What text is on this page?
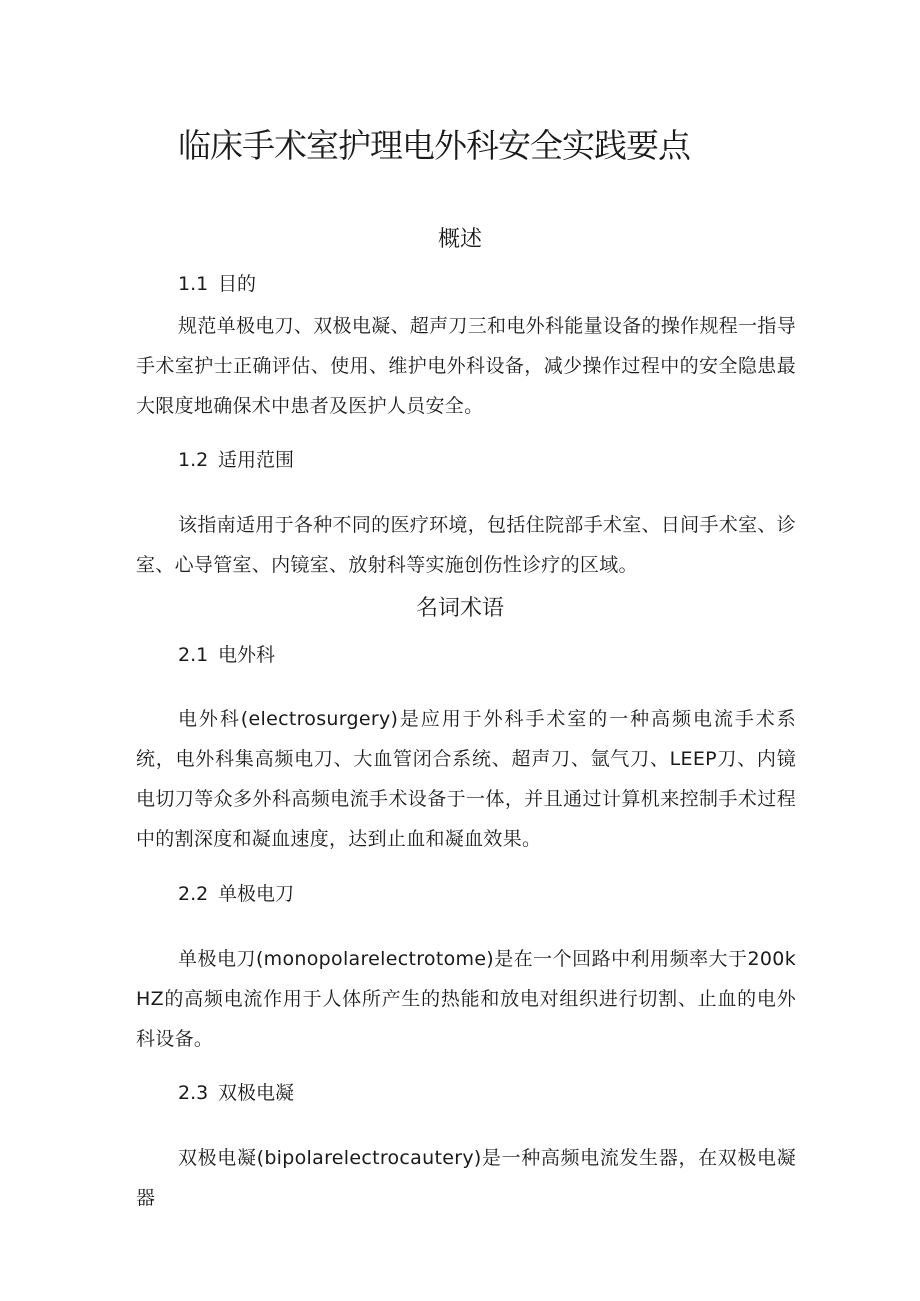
临床手术室护理电外科安全实践要点
概述
1.1 目的

规范单极电刀、双极电凝、超声刀三和电外科能量设备的操作规程一指导手术室护士正确评估、使用、维护电外科设备，减少操作过程中的安全隐患最大限度地确保术中患者及医护人员安全。

1.2 适用范围

该指南适用于各种不同的医疗环境，包括住院部手术室、日间手术室、诊室、心导管室、内镜室、放射科等实施创伤性诊疗的区域。

名词术语
2.1 电外科

电外科(electrosurgery)是应用于外科手术室的一种高频电流手术系统，电外科集高频电刀、大血管闭合系统、超声刀、氩气刀、LEEP刀、内镜电切刀等众多外科高频电流手术设备于一体，并且通过计算机来控制手术过程中的割深度和凝血速度，达到止血和凝血效果。

2.2 单极电刀

单极电刀(monopolarelectrotome)是在一个回路中利用频率大于200kHZ的高频电流作用于人体所产生的热能和放电对组织进行切割、止血的电外科设备。

2.3 双极电凝

双极电凝(bipolarelectrocautery)是一种高频电流发生器，在双极电凝器
